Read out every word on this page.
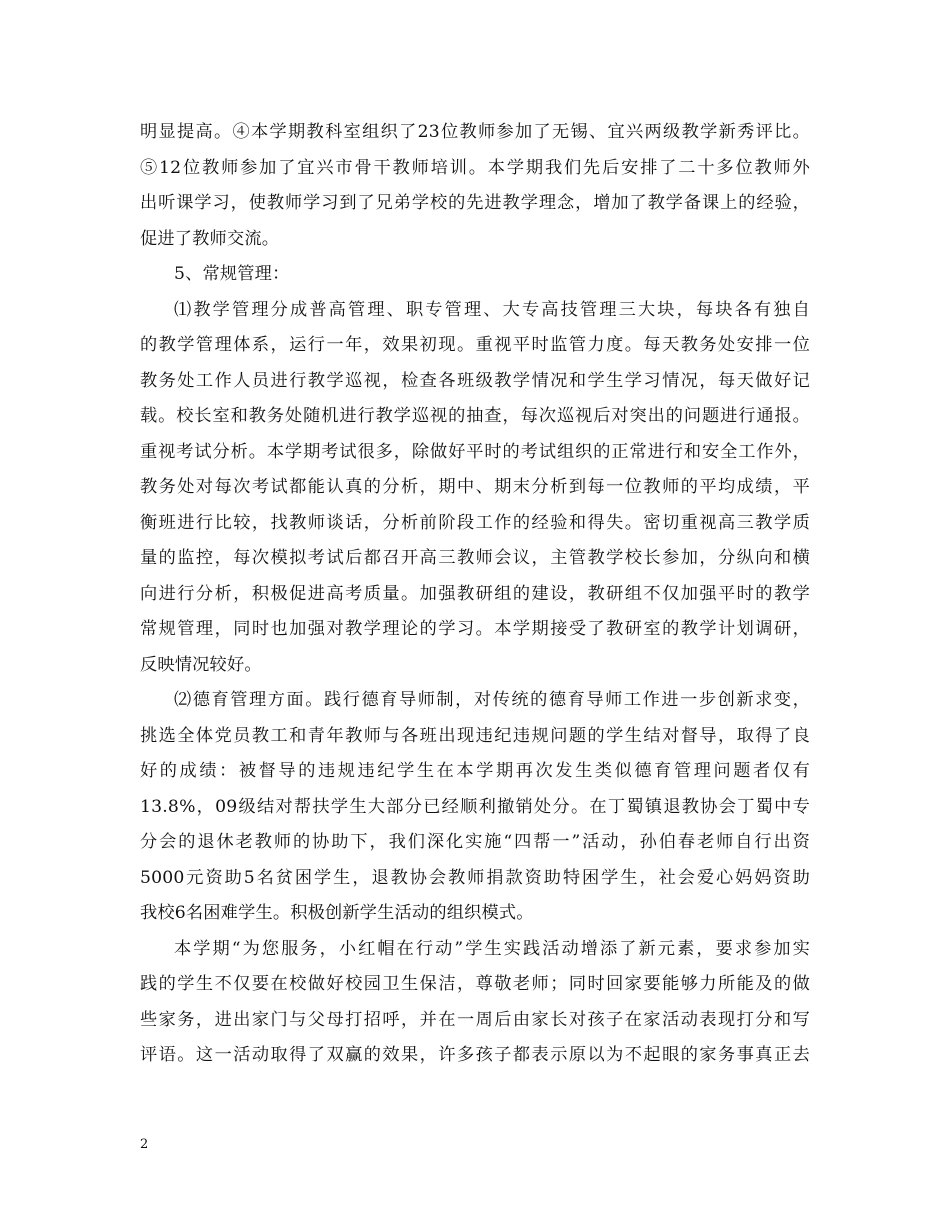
明显提高。④本学期教科室组织了23位教师参加了无锡、宜兴两级教学新秀评比。
⑤12位教师参加了宜兴市骨干教师培训。本学期我们先后安排了二十多位教师外
出听课学习，使教师学习到了兄弟学校的先进教学理念，增加了教学备课上的经验，
促进了教师交流。
5、常规管理：
⑴教学管理分成普高管理、职专管理、大专高技管理三大块，每块各有独自
的教学管理体系，运行一年，效果初现。重视平时监管力度。每天教务处安排一位
教务处工作人员进行教学巡视，检查各班级教学情况和学生学习情况，每天做好记
载。校长室和教务处随机进行教学巡视的抽查，每次巡视后对突出的问题进行通报。
重视考试分析。本学期考试很多，除做好平时的考试组织的正常进行和安全工作外，
教务处对每次考试都能认真的分析，期中、期末分析到每一位教师的平均成绩，平
衡班进行比较，找教师谈话，分析前阶段工作的经验和得失。密切重视高三教学质
量的监控，每次模拟考试后都召开高三教师会议，主管教学校长参加，分纵向和横
向进行分析，积极促进高考质量。加强教研组的建设，教研组不仅加强平时的教学
常规管理，同时也加强对教学理论的学习。本学期接受了教研室的教学计划调研，
反映情况较好。
⑵德育管理方面。践行德育导师制，对传统的德育导师工作进一步创新求变，
挑选全体党员教工和青年教师与各班出现违纪违规问题的学生结对督导，取得了良
好的成绩：被督导的违规违纪学生在本学期再次发生类似德育管理问题者仅有
13.8%，09级结对帮扶学生大部分已经顺利撤销处分。在丁蜀镇退教协会丁蜀中专
分会的退休老教师的协助下，我们深化实施“四帮一”活动，孙伯春老师自行出资
5000元资助5名贫困学生，退教协会教师捐款资助特困学生，社会爱心妈妈资助
我校6名困难学生。积极创新学生活动的组织模式。
本学期“为您服务，小红帽在行动”学生实践活动增添了新元素，要求参加实
践的学生不仅要在校做好校园卫生保洁，尊敬老师；同时回家要能够力所能及的做
些家务，进出家门与父母打招呼，并在一周后由家长对孩子在家活动表现打分和写
评语。这一活动取得了双赢的效果，许多孩子都表示原以为不起眼的家务事真正去
2
